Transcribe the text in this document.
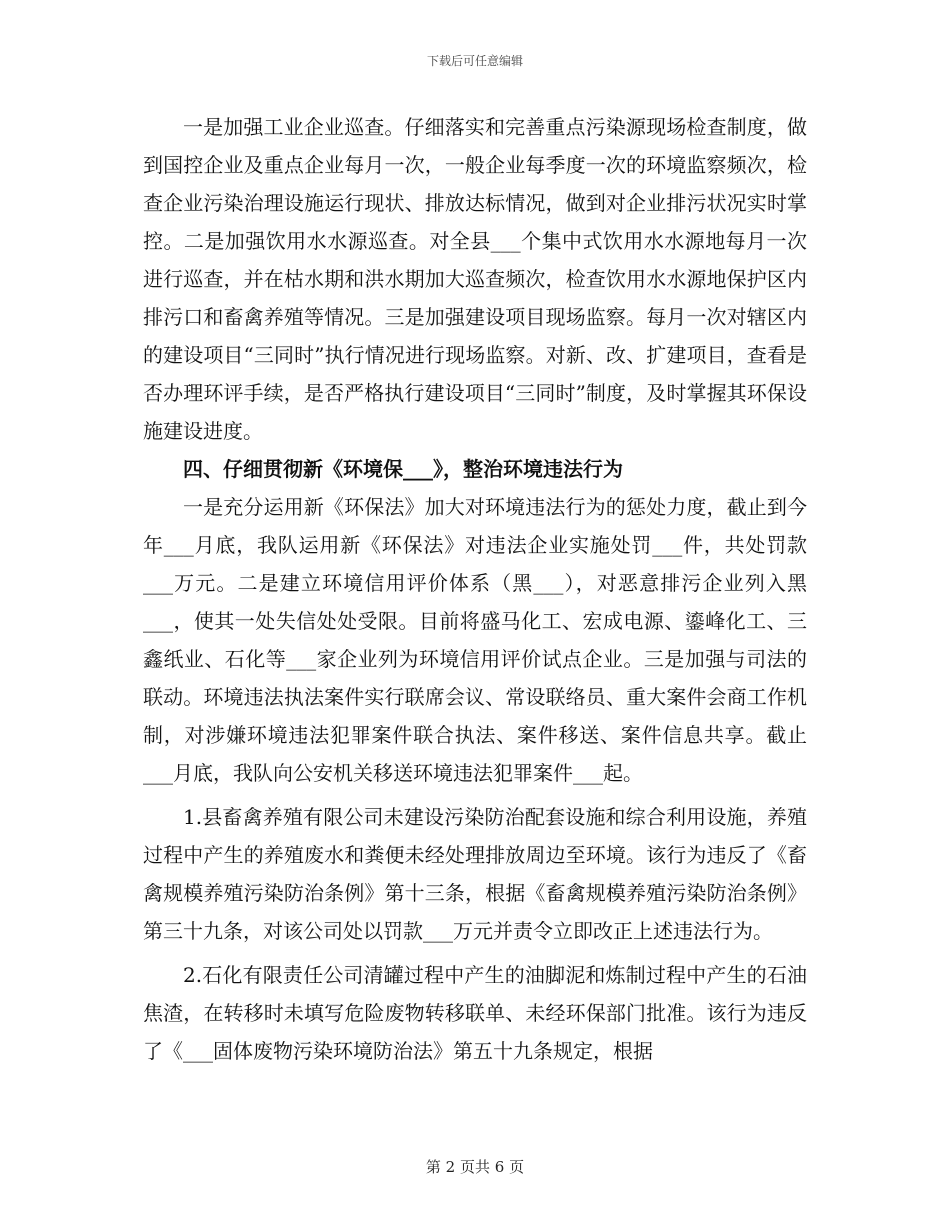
下载后可任意编辑

一是加强工业企业巡查。仔细落实和完善重点污染源现场检查制度，做到国控企业及重点企业每月一次，一般企业每季度一次的环境监察频次，检查企业污染治理设施运行现状、排放达标情况，做到对企业排污状况实时掌控。二是加强饮用水水源巡查。对全县___个集中式饮用水水源地每月一次进行巡查，并在枯水期和洪水期加大巡查频次，检查饮用水水源地保护区内排污口和畜禽养殖等情况。三是加强建设项目现场监察。每月一次对辖区内的建设项目“三同时”执行情况进行现场监察。对新、改、扩建项目，查看是否办理环评手续，是否严格执行建设项目“三同时”制度，及时掌握其环保设施建设进度。

四、仔细贯彻新《环境保___》，整治环境违法行为

一是充分运用新《环保法》加大对环境违法行为的惩处力度，截止到今年___月底，我队运用新《环保法》对违法企业实施处罚___件，共处罚款___万元。二是建立环境信用评价体系（黑___），对恶意排污企业列入黑___，使其一处失信处处受限。目前将盛马化工、宏成电源、鎏峰化工、三鑫纸业、石化等___家企业列为环境信用评价试点企业。三是加强与司法的联动。环境违法执法案件实行联席会议、常设联络员、重大案件会商工作机制，对涉嫌环境违法犯罪案件联合执法、案件移送、案件信息共享。截止___月底，我队向公安机关移送环境违法犯罪案件___起。

1.县畜禽养殖有限公司未建设污染防治配套设施和综合利用设施，养殖过程中产生的养殖废水和粪便未经处理排放周边至环境。该行为违反了《畜禽规模养殖污染防治条例》第十三条，根据《畜禽规模养殖污染防治条例》第三十九条，对该公司处以罚款___万元并责令立即改正上述违法行为。

2.石化有限责任公司清罐过程中产生的油脚泥和炼制过程中产生的石油焦渣，在转移时未填写危险废物转移联单、未经环保部门批准。该行为违反了《___固体废物污染环境防治法》第五十九条规定，根据

第 2 页共 6 页
